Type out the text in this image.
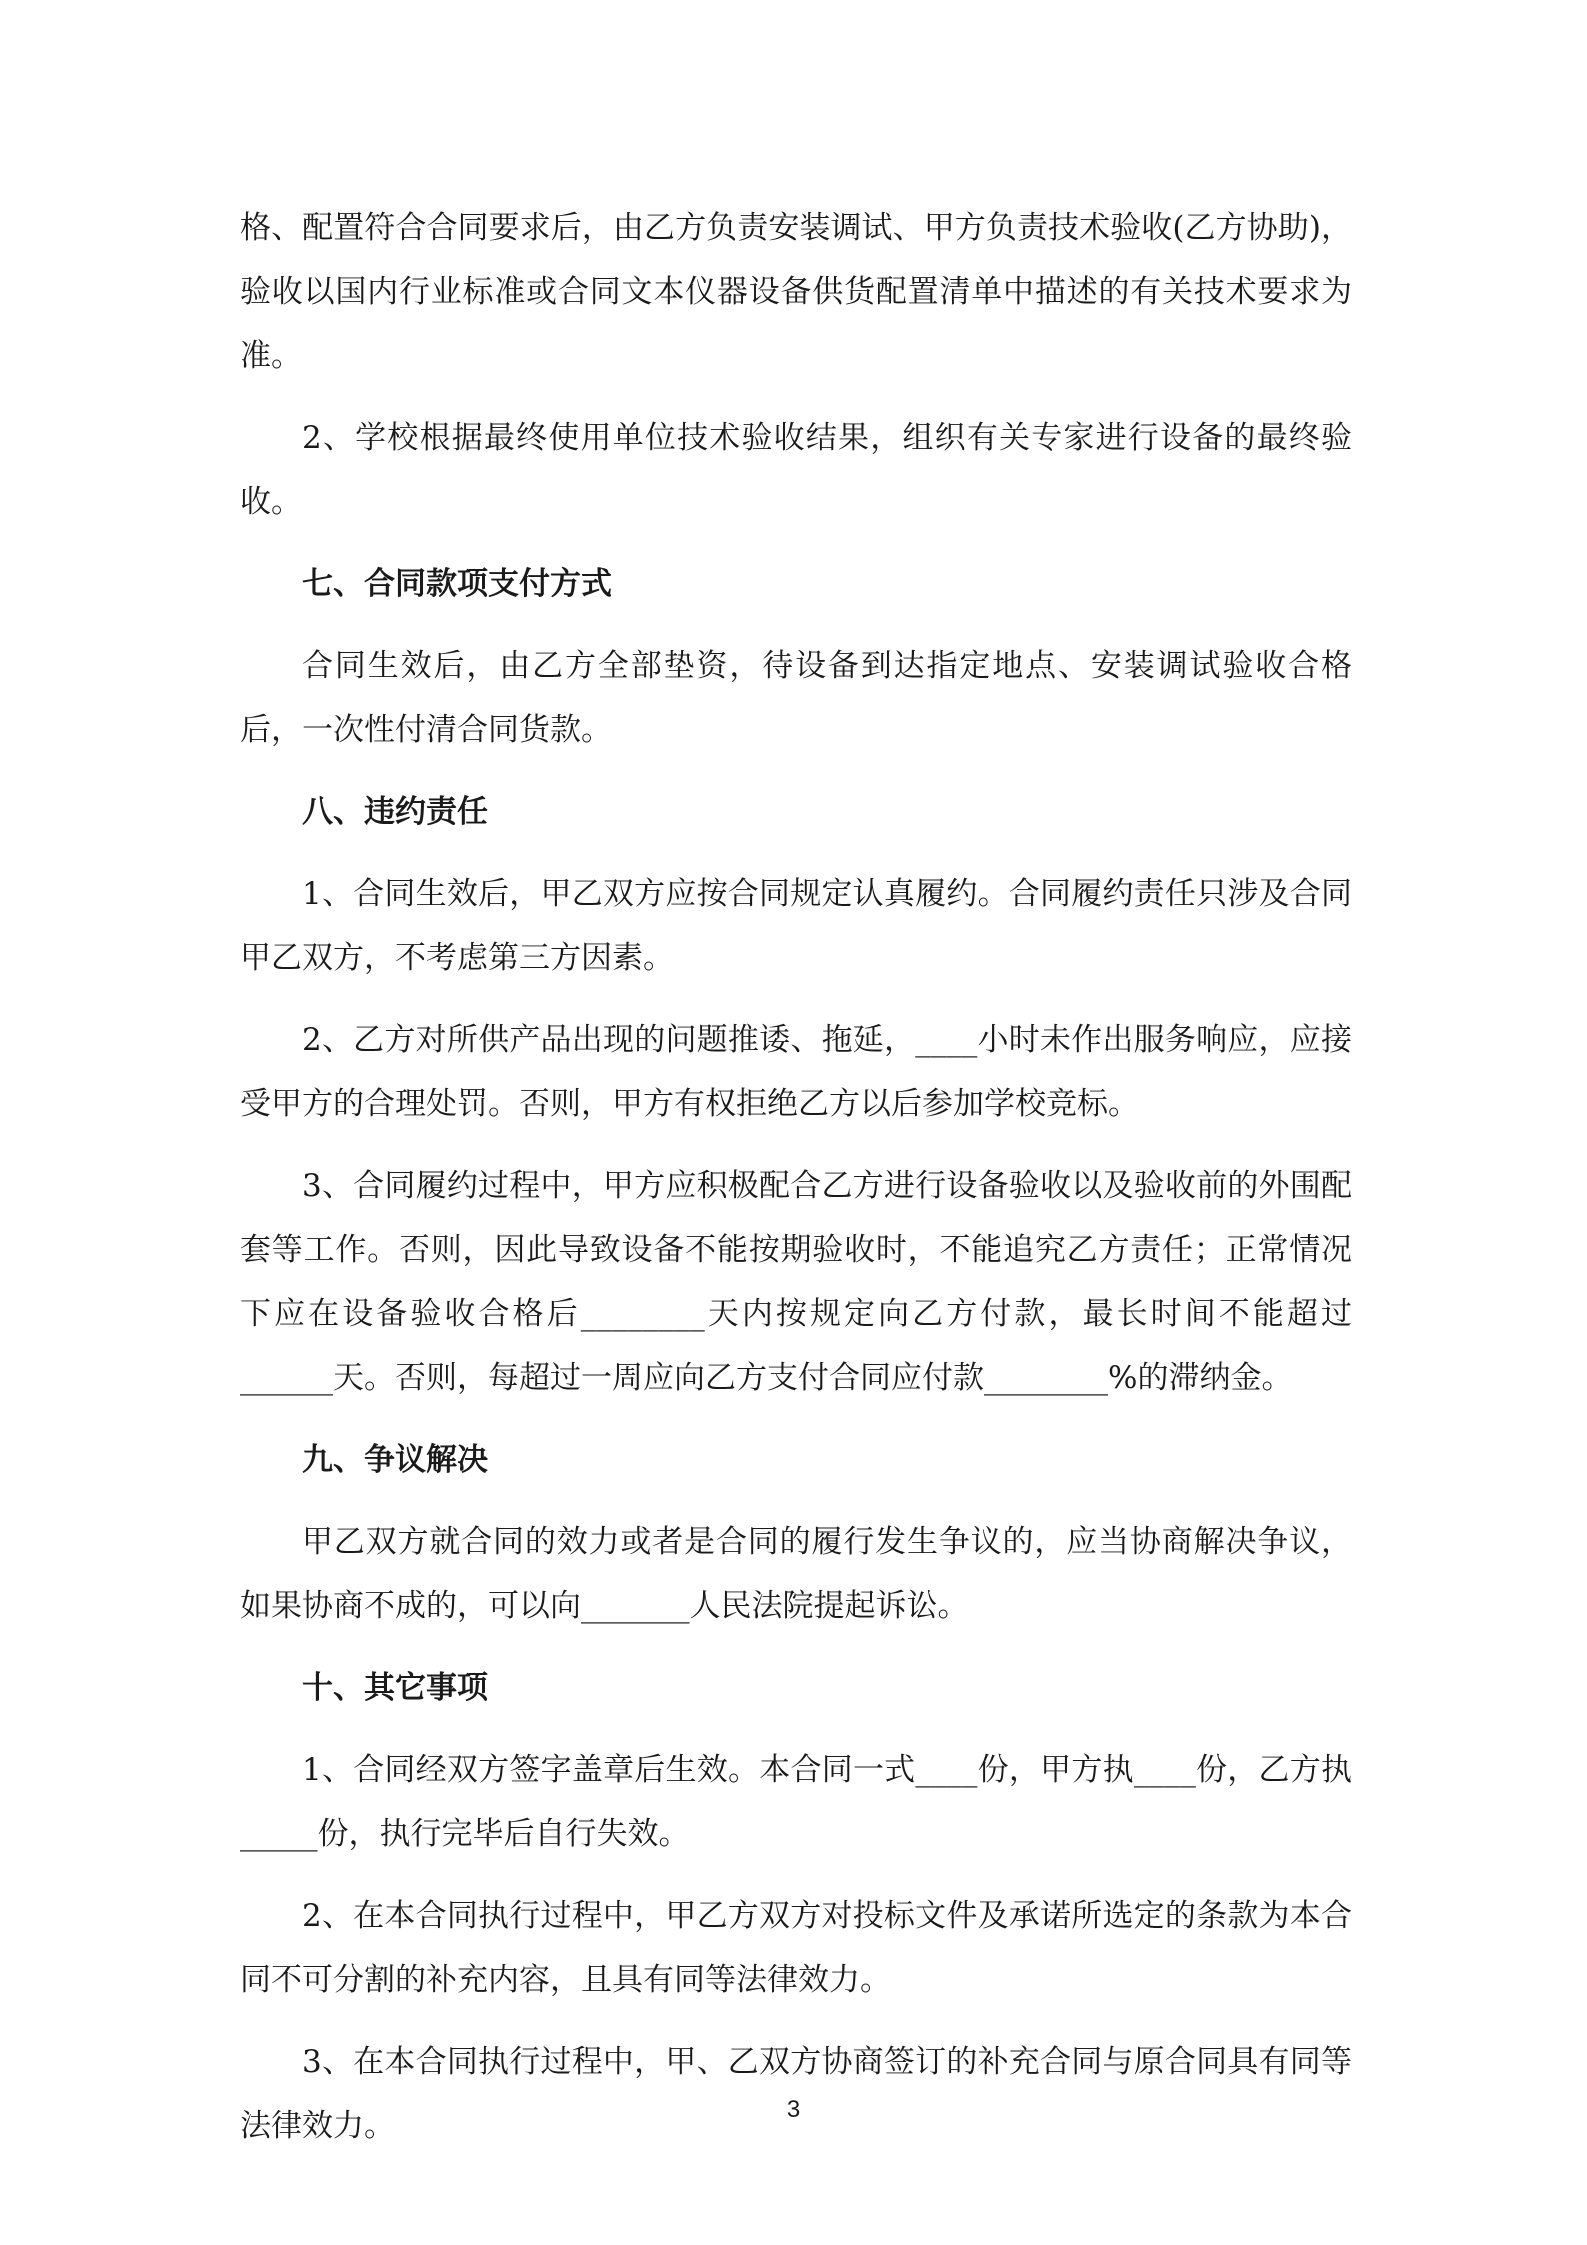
格、配置符合合同要求后，由乙方负责安装调试、甲方负责技术验收(乙方协助)，验收以国内行业标准或合同文本仪器设备供货配置清单中描述的有关技术要求为准。

2、学校根据最终使用单位技术验收结果，组织有关专家进行设备的最终验收。

七、合同款项支付方式

合同生效后，由乙方全部垫资，待设备到达指定地点、安装调试验收合格后，一次性付清合同货款。

八、违约责任

1、合同生效后，甲乙双方应按合同规定认真履约。合同履约责任只涉及合同甲乙双方，不考虑第三方因素。

2、乙方对所供产品出现的问题推诿、拖延，____小时未作出服务响应，应接受甲方的合理处罚。否则，甲方有权拒绝乙方以后参加学校竞标。

3、合同履约过程中，甲方应积极配合乙方进行设备验收以及验收前的外围配套等工作。否则，因此导致设备不能按期验收时，不能追究乙方责任；正常情况下应在设备验收合格后________天内按规定向乙方付款，最长时间不能超过______天。否则，每超过一周应向乙方支付合同应付款________%的滞纳金。

九、争议解决

甲乙双方就合同的效力或者是合同的履行发生争议的，应当协商解决争议，如果协商不成的，可以向_______人民法院提起诉讼。

十、其它事项

1、合同经双方签字盖章后生效。本合同一式____份，甲方执____份，乙方执_____份，执行完毕后自行失效。

2、在本合同执行过程中，甲乙方双方对投标文件及承诺所选定的条款为本合同不可分割的补充内容，且具有同等法律效力。

3、在本合同执行过程中，甲、乙双方协商签订的补充合同与原合同具有同等法律效力。	3
